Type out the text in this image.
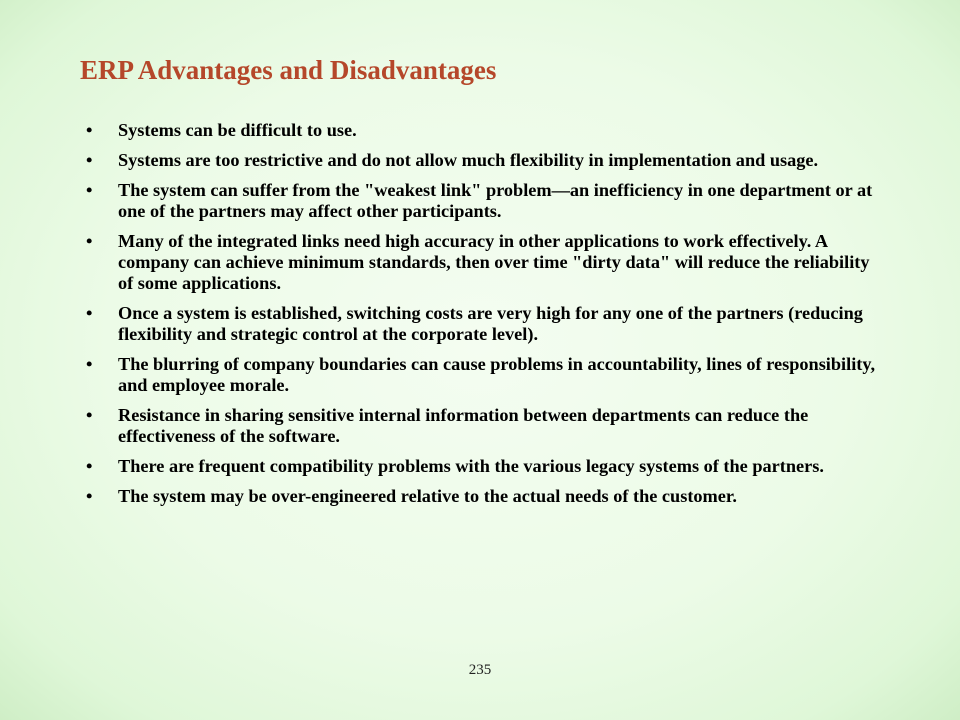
ERP Advantages and Disadvantages
• Systems can be difficult to use.
• Systems are too restrictive and do not allow much flexibility in implementation and usage.
• The system can suffer from the "weakest link" problem—an inefficiency in one department or at one of the partners may affect other participants.
• Many of the integrated links need high accuracy in other applications to work effectively. A company can achieve minimum standards, then over time "dirty data" will reduce the reliability of some applications.
• Once a system is established, switching costs are very high for any one of the partners (reducing flexibility and strategic control at the corporate level).
• The blurring of company boundaries can cause problems in accountability, lines of responsibility, and employee morale.
• Resistance in sharing sensitive internal information between departments can reduce the effectiveness of the software.
• There are frequent compatibility problems with the various legacy systems of the partners.
• The system may be over-engineered relative to the actual needs of the customer.
235
